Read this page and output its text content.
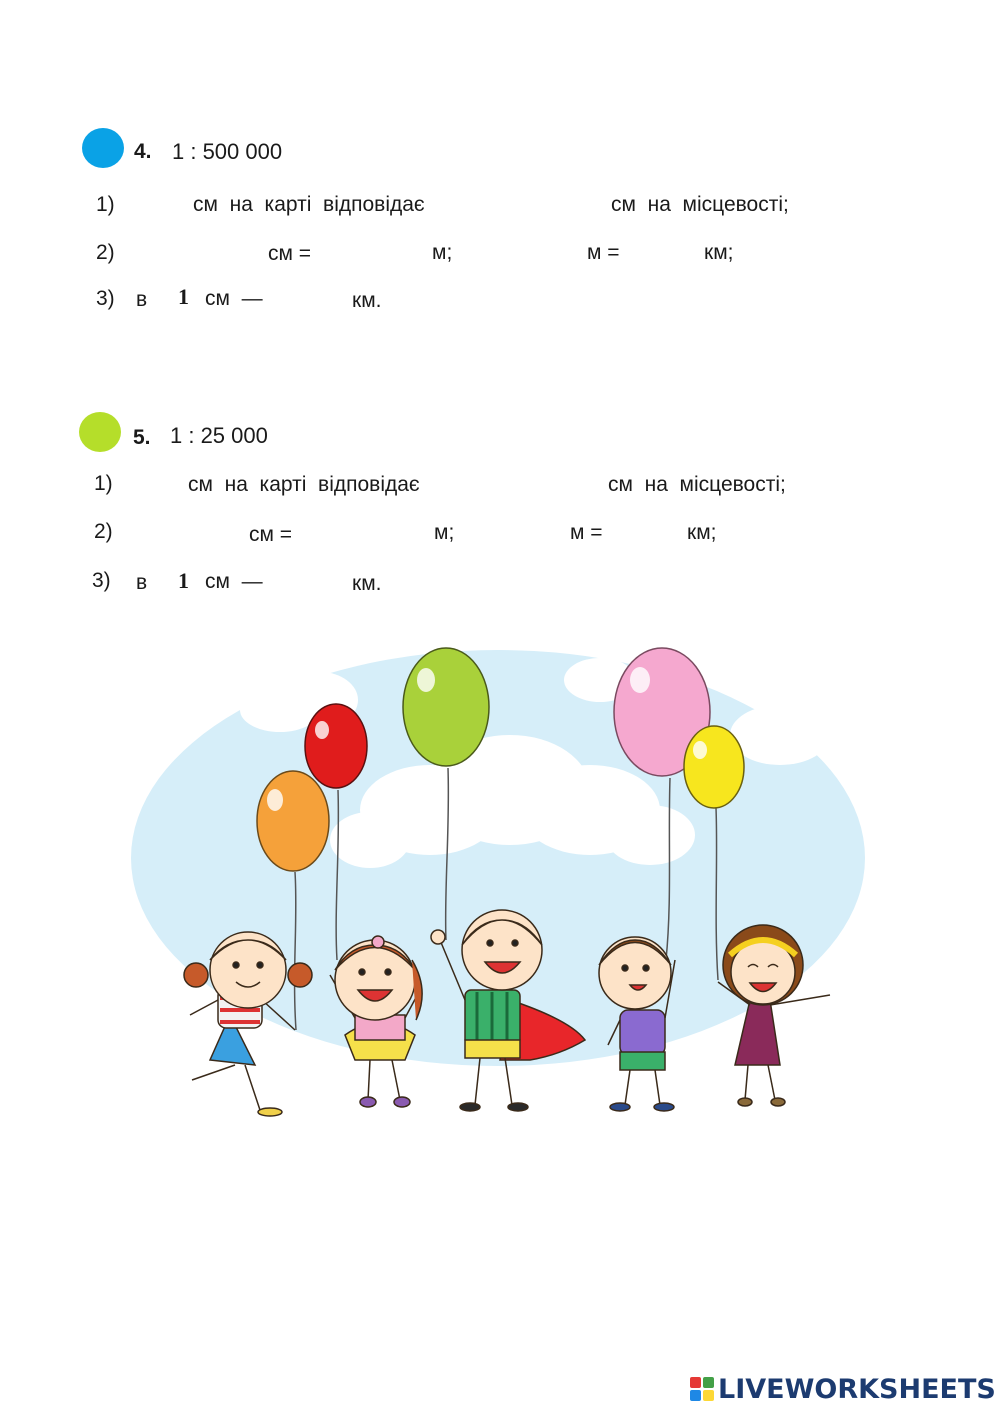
4. 1 : 500 000
1)	см  на  карті  відповідає	см  на  місцевості;
2)	см =	м;	м =	км;
3) в 1 см  —	км.
5. 1 : 25 000
1)	см  на  карті  відповідає	см  на  місцевості;
2)	см =	м;	м =	км;
3) в 1 см  —	км.
LIVEWORKSHEETS
